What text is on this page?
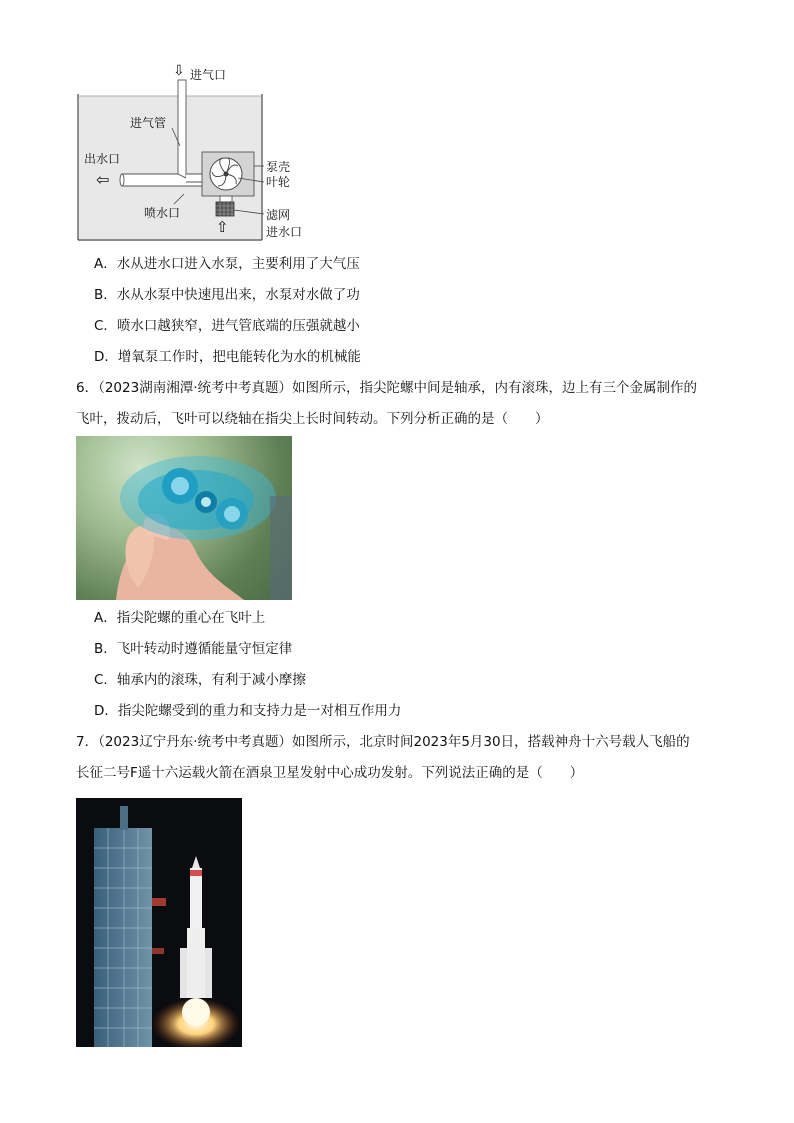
⇩
⇦
⇧
进气口
进气管
出水口
泵壳
叶轮
喷水口	滤网
进水口
A．水从进水口进入水泵，主要利用了大气压
B．水从水泵中快速甩出来，水泵对水做了功
C．喷水口越狭窄，进气管底端的压强就越小
D．增氧泵工作时，把电能转化为水的机械能
6．（2023湖南湘潭·统考中考真题）如图所示，指尖陀螺中间是轴承，内有滚珠，边上有三个金属制作的
飞叶，拨动后，飞叶可以绕轴在指尖上长时间转动。下列分析正确的是（　　）
A．指尖陀螺的重心在飞叶上
B．飞叶转动时遵循能量守恒定律
C．轴承内的滚珠，有利于减小摩擦
D．指尖陀螺受到的重力和支持力是一对相互作用力
7．（2023辽宁丹东·统考中考真题）如图所示，北京时间2023年5月30日，搭载神舟十六号载人飞船的
长征二号F遥十六运载火箭在酒泉卫星发射中心成功发射。下列说法正确的是（　　）
